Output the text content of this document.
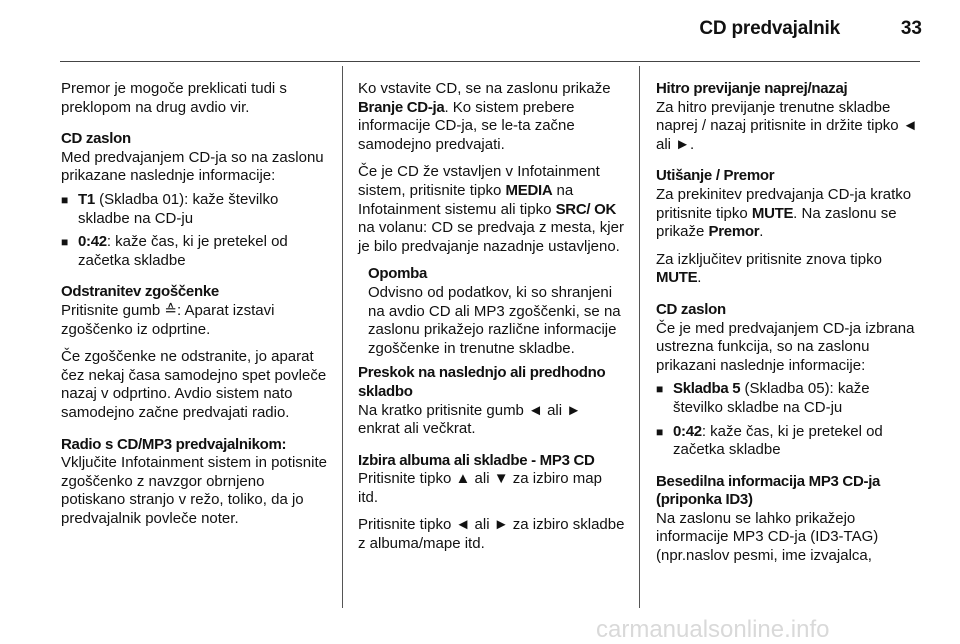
CD predvajalnik	33

Premor je mogoče preklicati tudi s preklopom na drug avdio vir.

CD zaslon

Med predvajanjem CD-ja so na zaslonu prikazane naslednje informacije:

■ T1 (Skladba 01): kaže številko skladbe na CD-ju
■ 0:42: kaže čas, ki je pretekel od začetka skladbe

Odstranitev zgoščenke

Pritisnite gumb ≙: Aparat izstavi zgoščenko iz odprtine.

Če zgoščenke ne odstranite, jo aparat čez nekaj časa samodejno spet povleče nazaj v odprtino. Avdio sistem nato samodejno začne predvajati radio.

Radio s CD/MP3 predvajalnikom:

Vključite Infotainment sistem in potisnite zgoščenko z navzgor obrnjeno potiskano stranjo v režo, toliko, da jo predvajalnik povleče noter.

Ko vstavite CD, se na zaslonu prikaže Branje CD-ja. Ko sistem prebere informacije CD-ja, se le-ta začne samodejno predvajati.

Če je CD že vstavljen v Infotainment sistem, pritisnite tipko MEDIA na Infotainment sistemu ali tipko SRC/ OK na volanu: CD se predvaja z mesta, kjer je bilo predvajanje nazadnje ustavljeno.

Opomba

Odvisno od podatkov, ki so shranjeni na avdio CD ali MP3 zgoščenki, se na zaslonu prikažejo različne informacije zgoščenke in trenutne skladbe.

Preskok na naslednjo ali predhodno skladbo

Na kratko pritisnite gumb ◄ ali ► enkrat ali večkrat.

Izbira albuma ali skladbe - MP3 CD

Pritisnite tipko ▲ ali ▼ za izbiro map itd.

Pritisnite tipko ◄ ali ► za izbiro skladbe z albuma/mape itd.

Hitro previjanje naprej/nazaj

Za hitro previjanje trenutne skladbe naprej / nazaj pritisnite in držite tipko ◄ ali ►.

Utišanje / Premor

Za prekinitev predvajanja CD-ja kratko pritisnite tipko MUTE. Na zaslonu se prikaže Premor.

Za izključitev pritisnite znova tipko MUTE.

CD zaslon

Če je med predvajanjem CD-ja izbrana ustrezna funkcija, so na zaslonu prikazani naslednje informacije:

■ Skladba 5 (Skladba 05): kaže številko skladbe na CD-ju
■ 0:42: kaže čas, ki je pretekel od začetka skladbe

Besedilna informacija MP3 CD-ja (priponka ID3)

Na zaslonu se lahko prikažejo informacije MP3 CD-ja (ID3-TAG) (npr.naslov pesmi, ime izvajalca,

carmanualsonline.info
